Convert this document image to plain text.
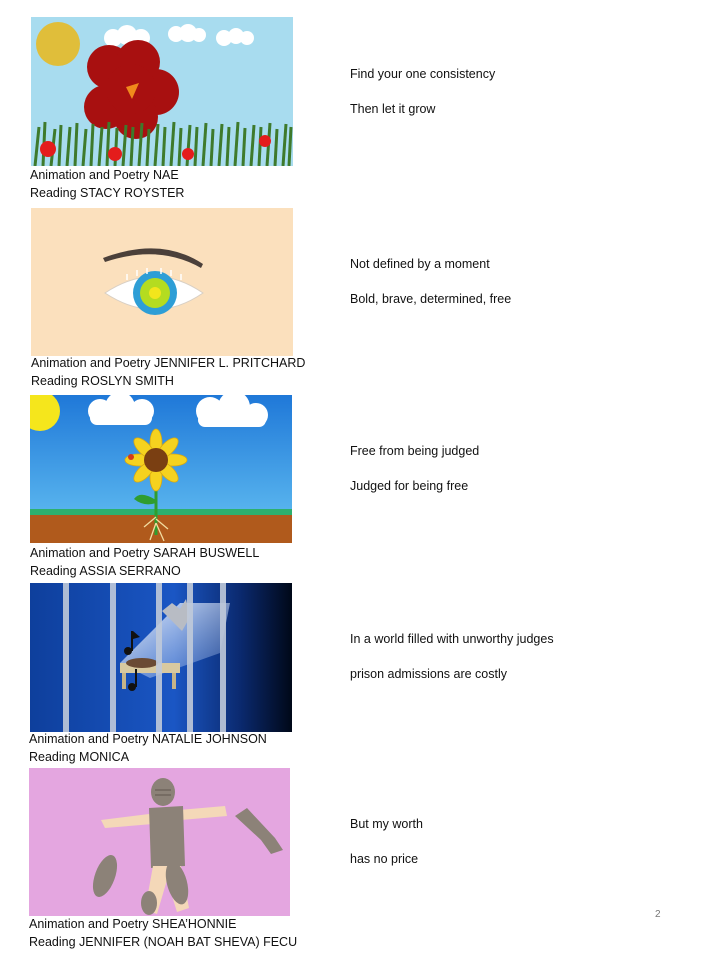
Animation and Poetry NAE
Reading STACY ROYSTER
Find your one consistency
Then let it grow
Animation and Poetry JENNIFER L. PRITCHARD
Reading ROSLYN SMITH
Not defined by a moment
Bold, brave, determined, free
Animation and Poetry SARAH BUSWELL
Reading ASSIA SERRANO
Free from being judged
Judged for being free
Animation and Poetry NATALIE JOHNSON
Reading MONICA
In a world filled with unworthy judges
prison admissions are costly
Animation and Poetry SHEA’HONNIE
Reading JENNIFER (NOAH BAT SHEVA) FECU
But my worth
has no price
2
